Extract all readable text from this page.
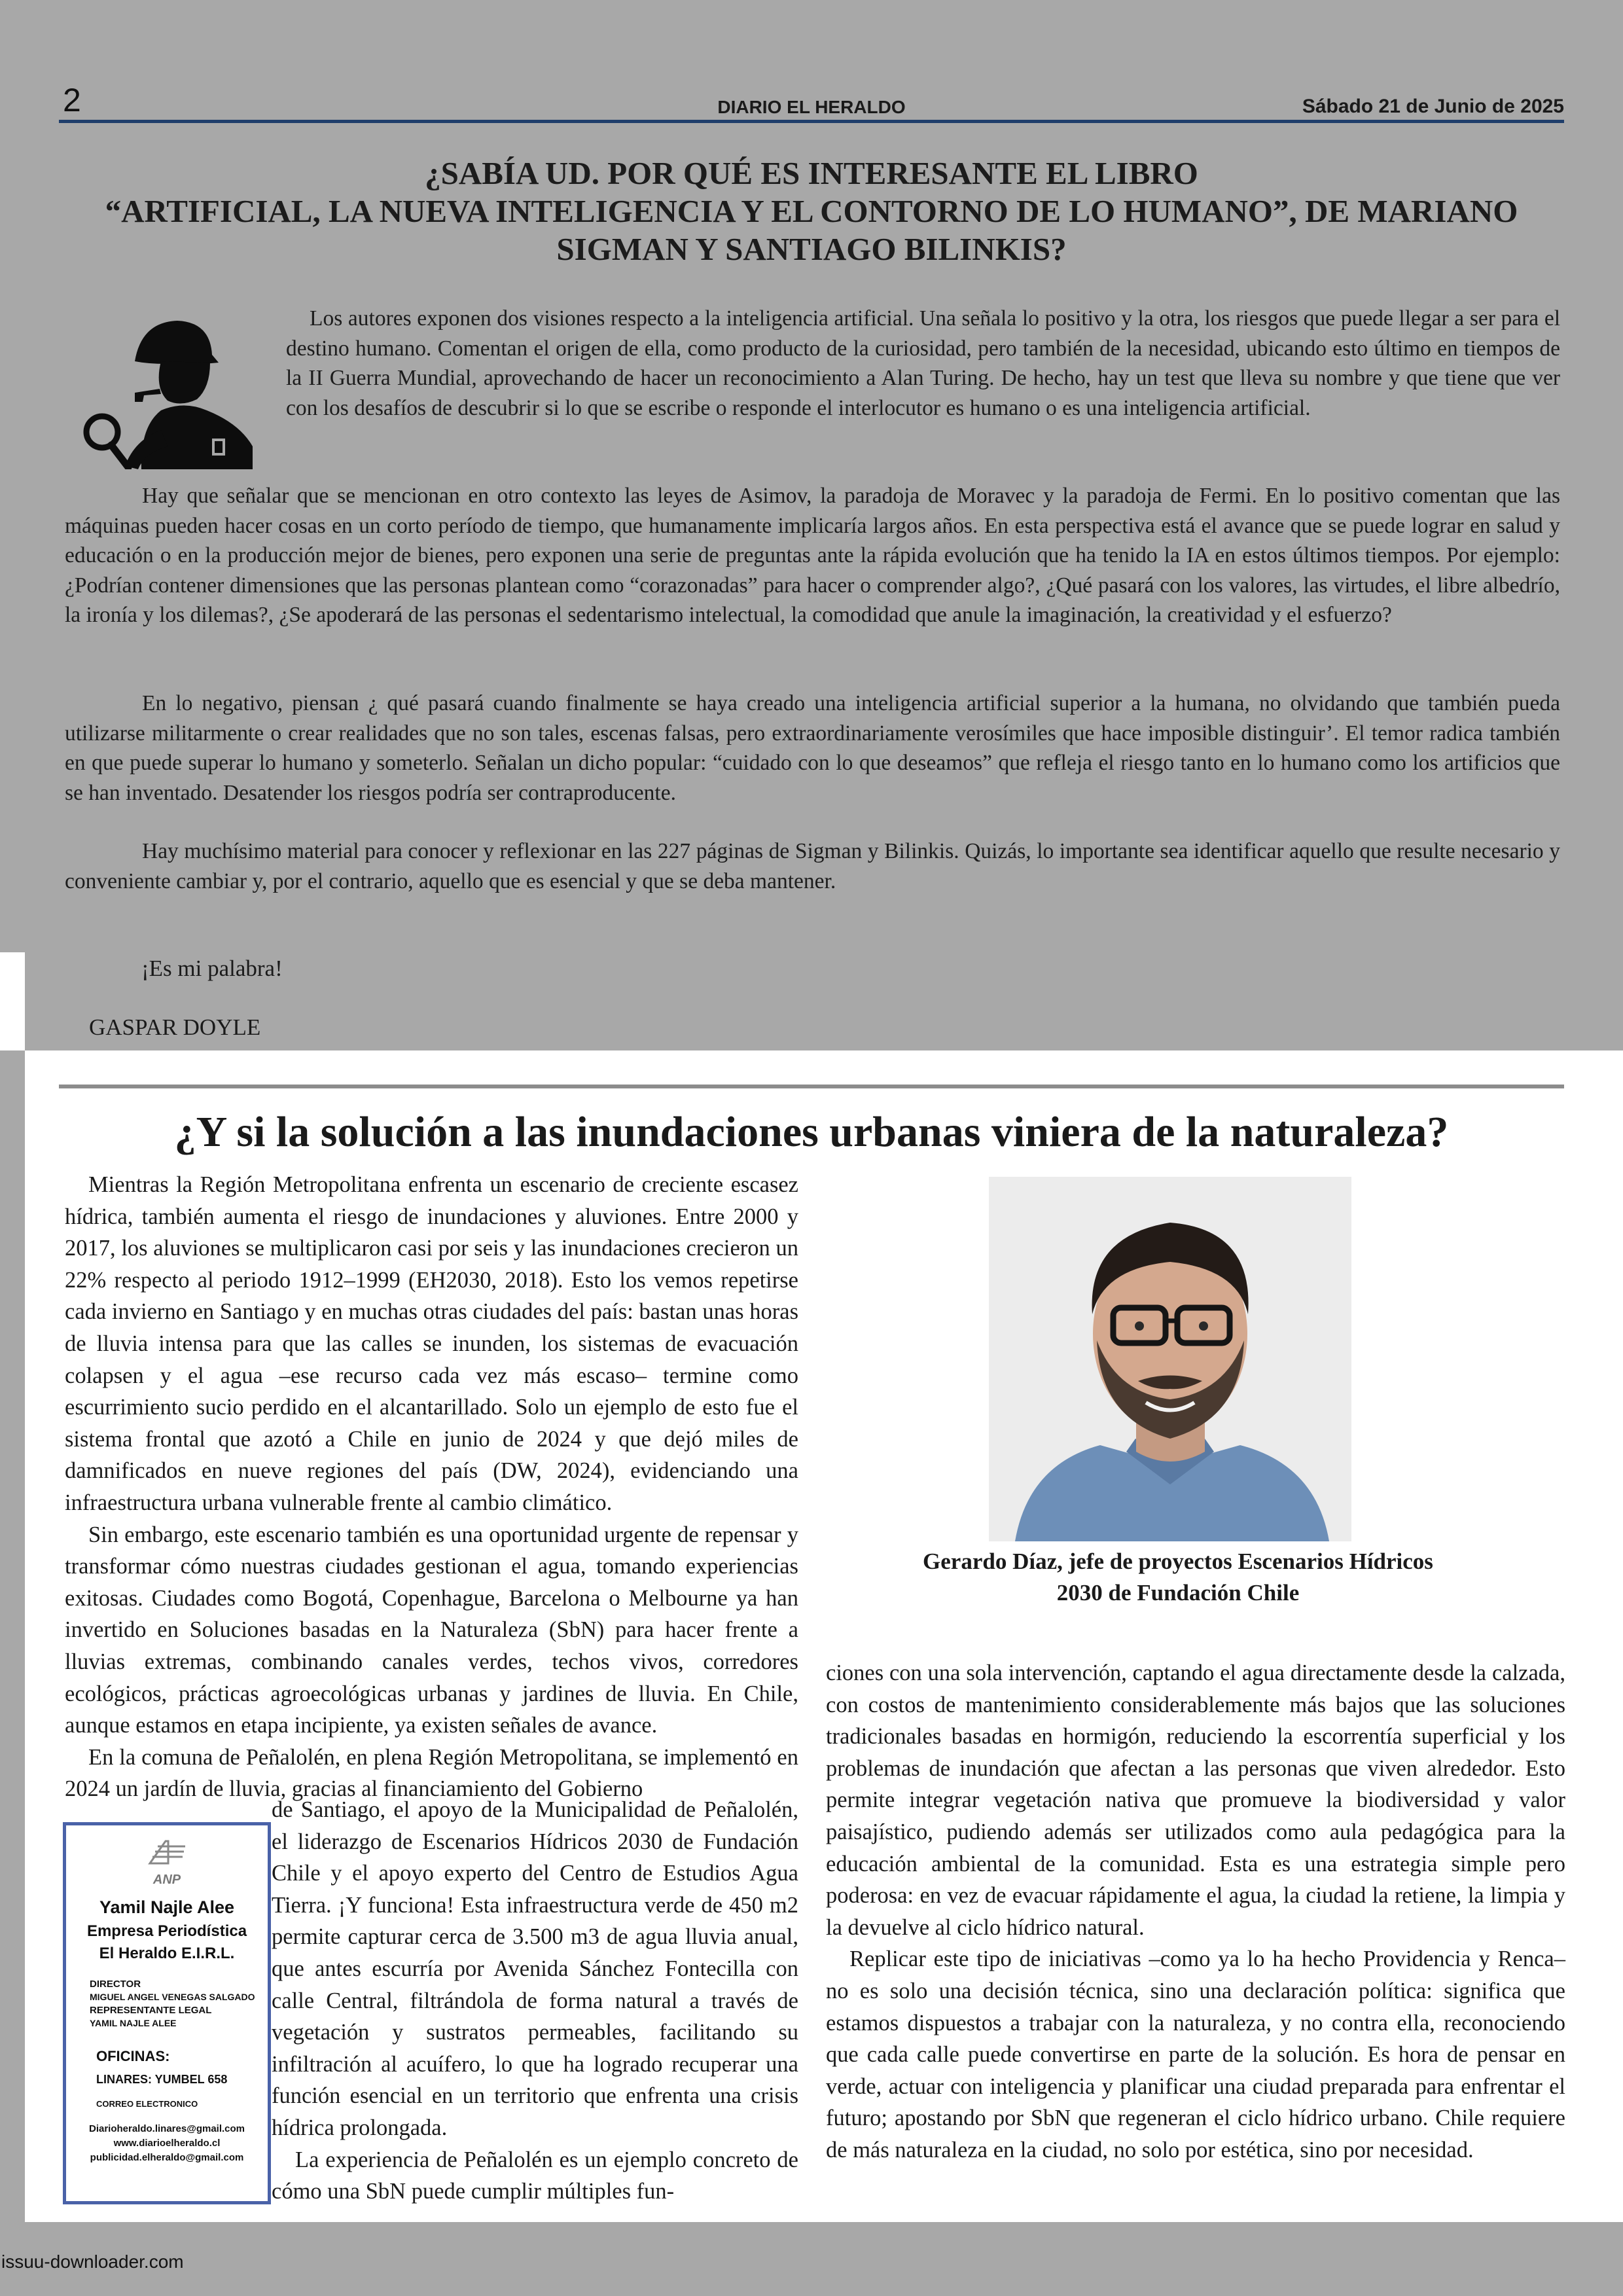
2	DIARIO EL HERALDO	Sábado 21 de Junio de 2025
¿SABÍA UD. POR QUÉ ES INTERESANTE EL LIBRO
“ARTIFICIAL, LA NUEVA INTELIGENCIA Y EL CONTORNO DE LO HUMANO”, DE MARIANO
SIGMAN Y SANTIAGO BILINKIS?
Los autores exponen dos visiones respecto a la inteligencia artificial. Una señala lo positivo y la otra, los riesgos que puede llegar a ser para el destino humano. Comentan el origen de ella, como producto de la curiosidad, pero también de la necesidad, ubicando esto último en tiempos de la II Guerra Mundial, aprovechando de hacer un reconocimiento a Alan Turing. De hecho, hay un test que lleva su nombre y que tiene que ver con los desafíos de descubrir si lo que se escribe o responde el interlocutor es humano o es una inteligencia artificial.
Hay que señalar que se mencionan en otro contexto las leyes de Asimov, la paradoja de Moravec y la paradoja de Fermi. En lo positivo comentan que las máquinas pueden hacer cosas en un corto período de tiempo, que humanamente implicaría largos años. En esta perspectiva está el avance que se puede lograr en salud y educación o en la producción mejor de bienes, pero exponen una serie de preguntas ante la rápida evolución que ha tenido la IA en estos últimos tiempos. Por ejemplo: ¿Podrían contener dimensiones que las personas plantean como “corazonadas” para hacer o comprender algo?, ¿Qué pasará con los valores, las virtudes, el libre albedrío, la ironía y los dilemas?, ¿Se apoderará de las personas el sedentarismo intelectual, la comodidad que anule la imaginación, la creatividad y el esfuerzo?
En lo negativo, piensan ¿ qué pasará cuando finalmente se haya creado una inteligencia artificial superior a la humana, no olvidando que también pueda utilizarse militarmente o crear realidades que no son tales, escenas falsas, pero extraordinariamente verosímiles que hace imposible distinguir’. El temor radica también en que puede superar lo humano y someterlo. Señalan un dicho popular: “cuidado con lo que deseamos” que refleja el riesgo tanto en lo humano como los artificios que se han inventado. Desatender los riesgos podría ser contraproducente.
Hay muchísimo material para conocer y reflexionar en las 227 páginas de Sigman y Bilinkis. Quizás, lo importante sea identificar aquello que resulte necesario y conveniente cambiar y, por el contrario, aquello que es esencial y que se deba mantener.
¡Es mi palabra!
GASPAR DOYLE
¿Y si la solución a las inundaciones urbanas viniera de la naturaleza?

Mientras la Región Metropolitana enfrenta un escenario de creciente escasez hídrica, también aumenta el riesgo de inundaciones y aluviones. Entre 2000 y 2017, los aluviones se multiplicaron casi por seis y las inundaciones crecieron un 22% respecto al periodo 1912–1999 (EH2030, 2018). Esto los vemos repetirse cada invierno en Santiago y en muchas otras ciudades del país: bastan unas horas de lluvia intensa para que las calles se inunden, los sistemas de evacuación colapsen y el agua –ese recurso cada vez más escaso– termine como escurrimiento sucio perdido en el alcantarillado. Solo un ejemplo de esto fue el sistema frontal que azotó a Chile en junio de 2024 y que dejó miles de damnificados en nueve regiones del país (DW, 2024), evidenciando una infraestructura urbana vulnerable frente al cambio climático.

Sin embargo, este escenario también es una oportunidad urgente de repensar y transformar cómo nuestras ciudades gestionan el agua, tomando experiencias exitosas. Ciudades como Bogotá, Copenhague, Barcelona o Melbourne ya han invertido en Soluciones basadas en la Naturaleza (SbN) para hacer frente a lluvias extremas, combinando canales verdes, techos vivos, corredores ecológicos, prácticas agroecológicas urbanas y jardines de lluvia. En Chile, aunque estamos en etapa incipiente, ya existen señales de avance.

En la comuna de Peñalolén, en plena Región Metropolitana, se implementó en 2024 un jardín de lluvia, gracias al financiamiento del Gobierno

de Santiago, el apoyo de la Municipalidad de Peñalolén, el liderazgo de Escenarios Hídricos 2030 de Fundación Chile y el apoyo experto del Centro de Estudios Agua Tierra. ¡Y funciona! Esta infraestructura verde de 450 m2 permite capturar cerca de 3.500 m3 de agua lluvia anual, que antes escurría por Avenida Sánchez Fontecilla con calle Central, filtrándola de forma natural a través de vegetación y sustratos permeables, facilitando su infiltración al acuífero, lo que ha logrado recuperar una función esencial en un territorio que enfrenta una crisis hídrica prolongada.

La experiencia de Peñalolén es un ejemplo concreto de cómo una SbN puede cumplir múltiples fun-

Gerardo Díaz, jefe de proyectos Escenarios Hídricos
2030 de Fundación Chile

ciones con una sola intervención, captando el agua directamente desde la calzada, con costos de mantenimiento considerablemente más bajos que las soluciones tradicionales basadas en hormigón, reduciendo la escorrentía superficial y los problemas de inundación que afectan a las personas que viven alrededor. Esto permite integrar vegetación nativa que promueve la biodiversidad y valor paisajístico, pudiendo además ser utilizados como aula pedagógica para la educación ambiental de la comunidad. Esta es una estrategia simple pero poderosa: en vez de evacuar rápidamente el agua, la ciudad la retiene, la limpia y la devuelve al ciclo hídrico natural.

Replicar este tipo de iniciativas –como ya lo ha hecho Providencia y Renca– no es solo una decisión técnica, sino una declaración política: significa que estamos dispuestos a trabajar con la naturaleza, y no contra ella, reconociendo que cada calle puede convertirse en parte de la solución. Es hora de pensar en verde, actuar con inteligencia y planificar una ciudad preparada para enfrentar el futuro; apostando por SbN que regeneran el ciclo hídrico urbano. Chile requiere de más naturaleza en la ciudad, no solo por estética, sino por necesidad.

ANP
Yamil Najle Alee
Empresa Periodística
El Heraldo E.I.R.L.
DIRECTOR
MIGUEL ANGEL VENEGAS SALGADO
REPRESENTANTE LEGAL
YAMIL NAJLE ALEE
OFICINAS:
LINARES: YUMBEL 658
CORREO ELECTRONICO
Diarioheraldo.linares@gmail.com
www.diarioelheraldo.cl
publicidad.elheraldo@gmail.com
issuu-downloader.com
